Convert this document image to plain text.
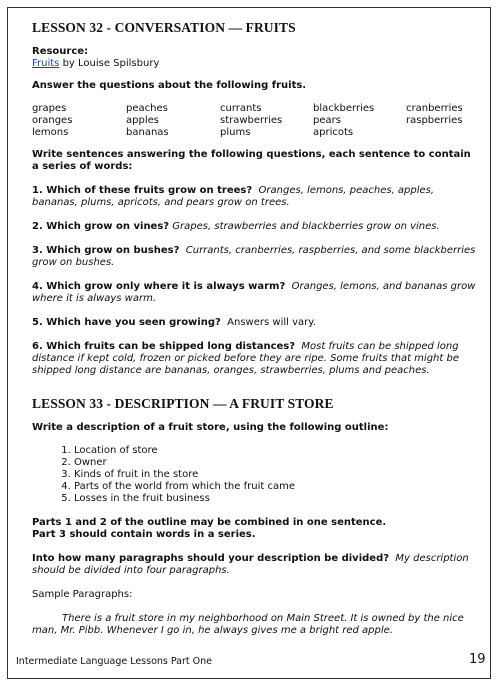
LESSON 32 - CONVERSATION — FRUITS

Resource:

Fruits by Louise Spilsbury

Answer the questions about the following fruits.

grapes	peaches	currants	blackberries	cranberries
oranges	apples	strawberries	pears	raspberries
lemons	bananas	plums	apricots

Write sentences answering the following questions, each sentence to contain a series of words:

1. Which of these fruits grow on trees? Oranges, lemons, peaches, apples, bananas, plums, apricots, and pears grow on trees.

2. Which grow on vines? Grapes, strawberries and blackberries grow on vines.

3. Which grow on bushes? Currants, cranberries, raspberries, and some blackberries grow on bushes.

4. Which grow only where it is always warm? Oranges, lemons, and bananas grow where it is always warm.

5. Which have you seen growing? Answers will vary.

6. Which fruits can be shipped long distances? Most fruits can be shipped long distance if kept cold, frozen or picked before they are ripe. Some fruits that might be shipped long distance are bananas, oranges, strawberries, plums and peaches.

LESSON 33 - DESCRIPTION — A FRUIT STORE

Write a description of a fruit store, using the following outline:

1. Location of store
2. Owner
3. Kinds of fruit in the store
4. Parts of the world from which the fruit came
5. Losses in the fruit business

Parts 1 and 2 of the outline may be combined in one sentence.

Part 3 should contain words in a series.

Into how many paragraphs should your description be divided? My description should be divided into four paragraphs.

Sample Paragraphs:

There is a fruit store in my neighborhood on Main Street. It is owned by the nice man, Mr. Pibb. Whenever I go in, he always gives me a bright red apple.

Intermediate Language Lessons Part One	19
